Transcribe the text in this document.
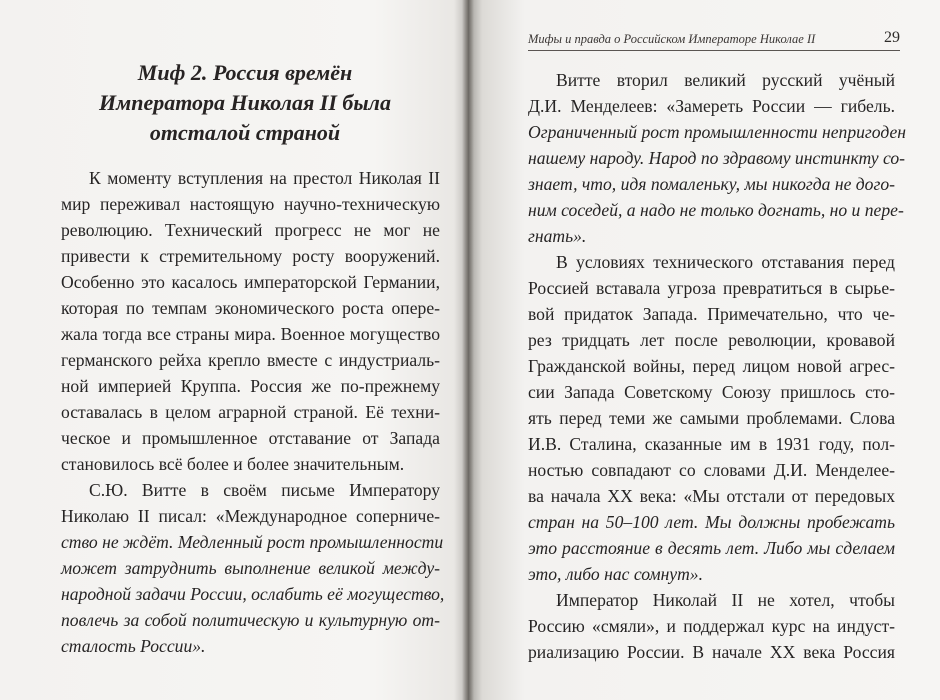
Миф 2. Россия времён
Императора Николая II была
отсталой страной
К моменту вступления на престол Николая II
мир переживал настоящую научно-техническую
революцию. Технический прогресс не мог не
привести к стремительному росту вооружений.
Особенно это касалось императорской Германии,
которая по темпам экономического роста опере-
жала тогда все страны мира. Военное могущество
германского рейха крепло вместе с индустриаль-
ной империей Круппа. Россия же по-прежнему
оставалась в целом аграрной страной. Её техни-
ческое и промышленное отставание от Запада
становилось всё более и более значительным.
С.Ю. Витте в своём письме Императору
Николаю II писал: «Международное соперниче-
ство не ждёт. Медленный рост промышленности
может затруднить выполнение великой между-
народной задачи России, ослабить её могущество,
повлечь за собой политическую и культурную от-
сталость России».
Мифы и правда о Российском Императоре Николае II	29
Витте вторил великий русский учёный
Д.И. Менделеев: «Замереть России — гибель.
Ограниченный рост промышленности непригоден
нашему народу. Народ по здравому инстинкту со-
знает, что, идя помаленьку, мы никогда не дого-
ним соседей, а надо не только догнать, но и пере-
гнать».
В условиях технического отставания перед
Россией вставала угроза превратиться в сырье-
вой придаток Запада. Примечательно, что че-
рез тридцать лет после революции, кровавой
Гражданской войны, перед лицом новой агрес-
сии Запада Советскому Союзу пришлось сто-
ять перед теми же самыми проблемами. Слова
И.В. Сталина, сказанные им в 1931 году, пол-
ностью совпадают со словами Д.И. Менделее-
ва начала XX века: «Мы отстали от передовых
стран на 50–100 лет. Мы должны пробежать
это расстояние в десять лет. Либо мы сделаем
это, либо нас сомнут».
Император Николай II не хотел, чтобы
Россию «смяли», и поддержал курс на индуст-
риализацию России. В начале XX века Россия
